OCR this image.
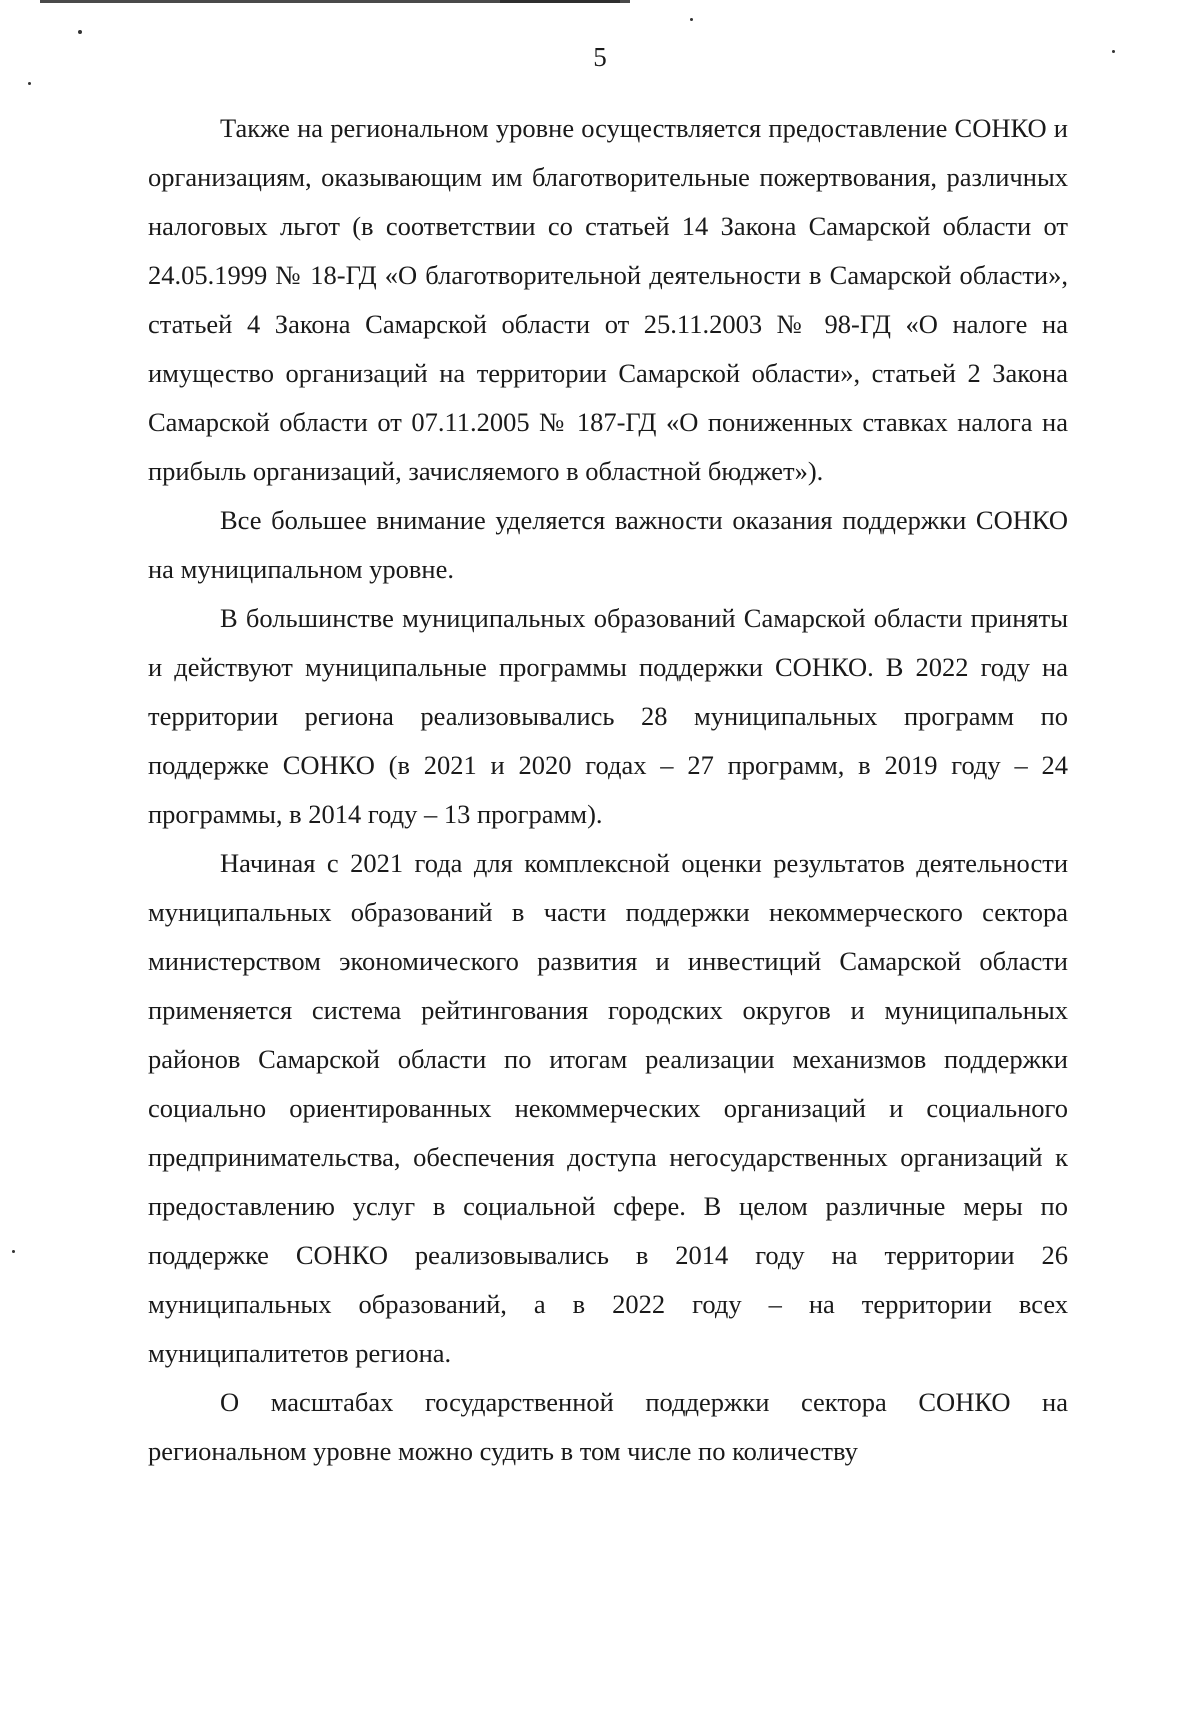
5

Также на региональном уровне осуществляется предоставление СОНКО и организациям, оказывающим им благотворительные пожертвования, различных налоговых льгот (в соответствии со статьей 14 Закона Самарской области от 24.05.1999 № 18-ГД «О благотворительной деятельности в Самарской области», статьей 4 Закона Самарской области от 25.11.2003 № 98-ГД «О налоге на имущество организаций на территории Самарской области», статьей 2 Закона Самарской области от 07.11.2005 № 187-ГД «О пониженных ставках налога на прибыль организаций, зачисляемого в областной бюджет»).

Все большее внимание уделяется важности оказания поддержки СОНКО на муниципальном уровне.

В большинстве муниципальных образований Самарской области приняты и действуют муниципальные программы поддержки СОНКО. В 2022 году на территории региона реализовывались 28 муниципальных программ по поддержке СОНКО (в 2021 и 2020 годах – 27 программ, в 2019 году – 24 программы, в 2014 году – 13 программ).

Начиная с 2021 года для комплексной оценки результатов деятельности муниципальных образований в части поддержки некоммерческого сектора министерством экономического развития и инвестиций Самарской области применяется система рейтингования городских округов и муниципальных районов Самарской области по итогам реализации механизмов поддержки социально ориентированных некоммерческих организаций и социального предпринимательства, обеспечения доступа негосударственных организаций к предоставлению услуг в социальной сфере. В целом различные меры по поддержке СОНКО реализовывались в 2014 году на территории 26 муниципальных образований, а в 2022 году – на территории всех муниципалитетов региона.

О масштабах государственной поддержки сектора СОНКО на региональном уровне можно судить в том числе по количеству
